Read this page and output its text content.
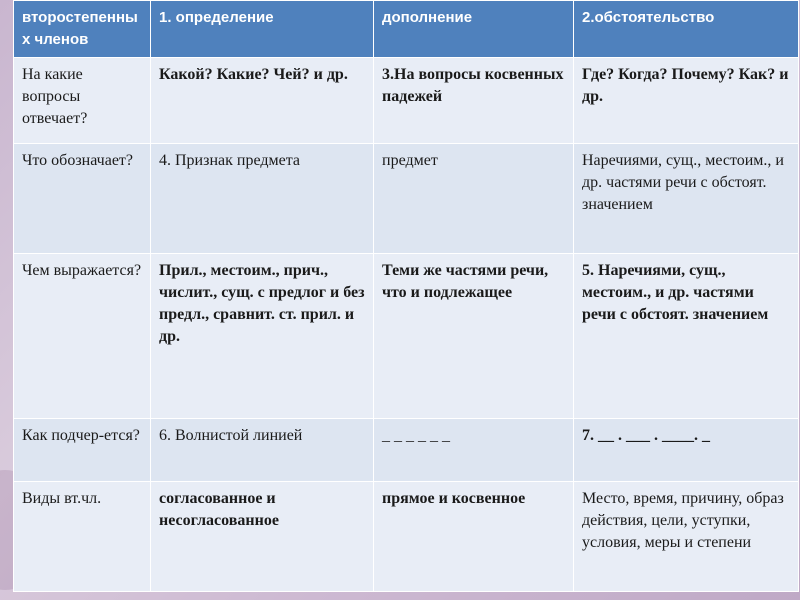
второстепенных членов	1. определение	дополнение	2.обстоятельство
На какие вопросы отвечает?	Какой? Какие? Чей? и др.	3.На вопросы косвенных падежей	Где? Когда? Почему? Как? и др.
Что обозначает?	4. Признак предмета	предмет	Наречиями, сущ., местоим., и др. частями речи с обстоят. значением
Чем выражается?	Прил., местоим., прич., числит., сущ. с предлог и без предл., сравнит. ст. прил. и др.	Теми же частями речи, что и подлежащее	5. Наречиями, сущ., местоим., и др. частями речи с обстоят. значением
Как подчер-ется?	6. Волнистой линией	_ _ _ _ _ _	7. __ . ___ . ____. _
Виды вт.чл.	согласованное и несогласованное	прямое и косвенное	Место, время, причину, образ действия, цели, уступки, условия, меры и степени
